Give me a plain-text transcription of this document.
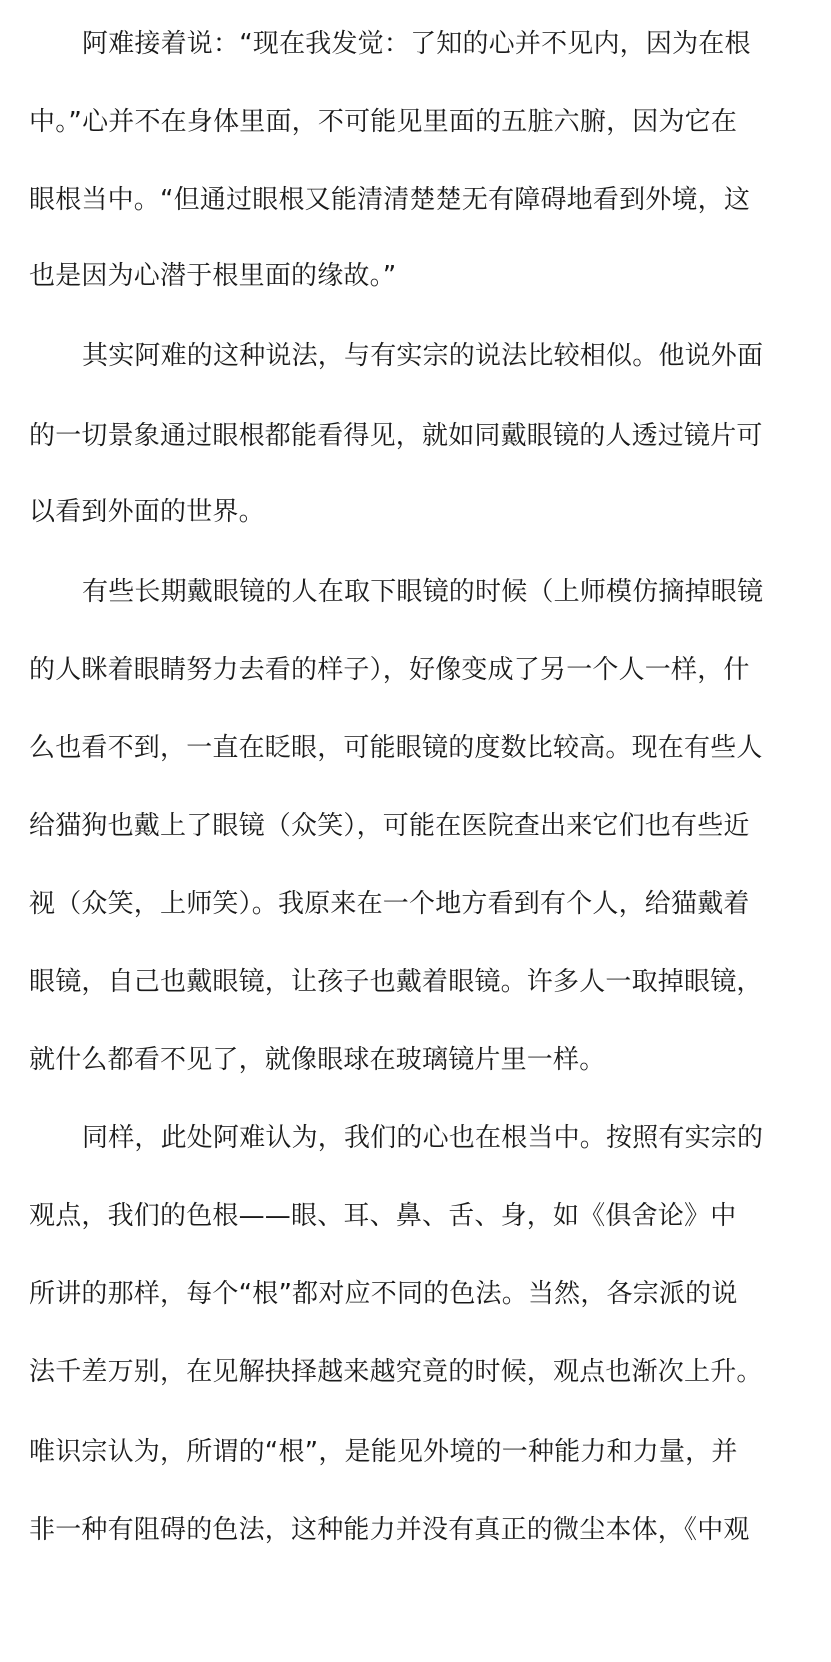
阿难接着说：“现在我发觉：了知的心并不见内，因为在根
中。”心并不在身体里面，不可能见里面的五脏六腑，因为它在
眼根当中。“但通过眼根又能清清楚楚无有障碍地看到外境，这
也是因为心潜于根里面的缘故。”
其实阿难的这种说法，与有实宗的说法比较相似。他说外面
的一切景象通过眼根都能看得见，就如同戴眼镜的人透过镜片可
以看到外面的世界。
有些长期戴眼镜的人在取下眼镜的时候（上师模仿摘掉眼镜
的人眯着眼睛努力去看的样子），好像变成了另一个人一样，什
么也看不到，一直在眨眼，可能眼镜的度数比较高。现在有些人
给猫狗也戴上了眼镜（众笑），可能在医院查出来它们也有些近
视（众笑，上师笑）。我原来在一个地方看到有个人，给猫戴着
眼镜，自己也戴眼镜，让孩子也戴着眼镜。许多人一取掉眼镜，
就什么都看不见了，就像眼球在玻璃镜片里一样。
同样，此处阿难认为，我们的心也在根当中。按照有实宗的
观点，我们的色根——眼、耳、鼻、舌、身，如《俱舍论》中
所讲的那样，每个“根”都对应不同的色法。当然，各宗派的说
法千差万别，在见解抉择越来越究竟的时候，观点也渐次上升。
唯识宗认为，所谓的“根”，是能见外境的一种能力和力量，并
非一种有阻碍的色法，这种能力并没有真正的微尘本体，《中观
